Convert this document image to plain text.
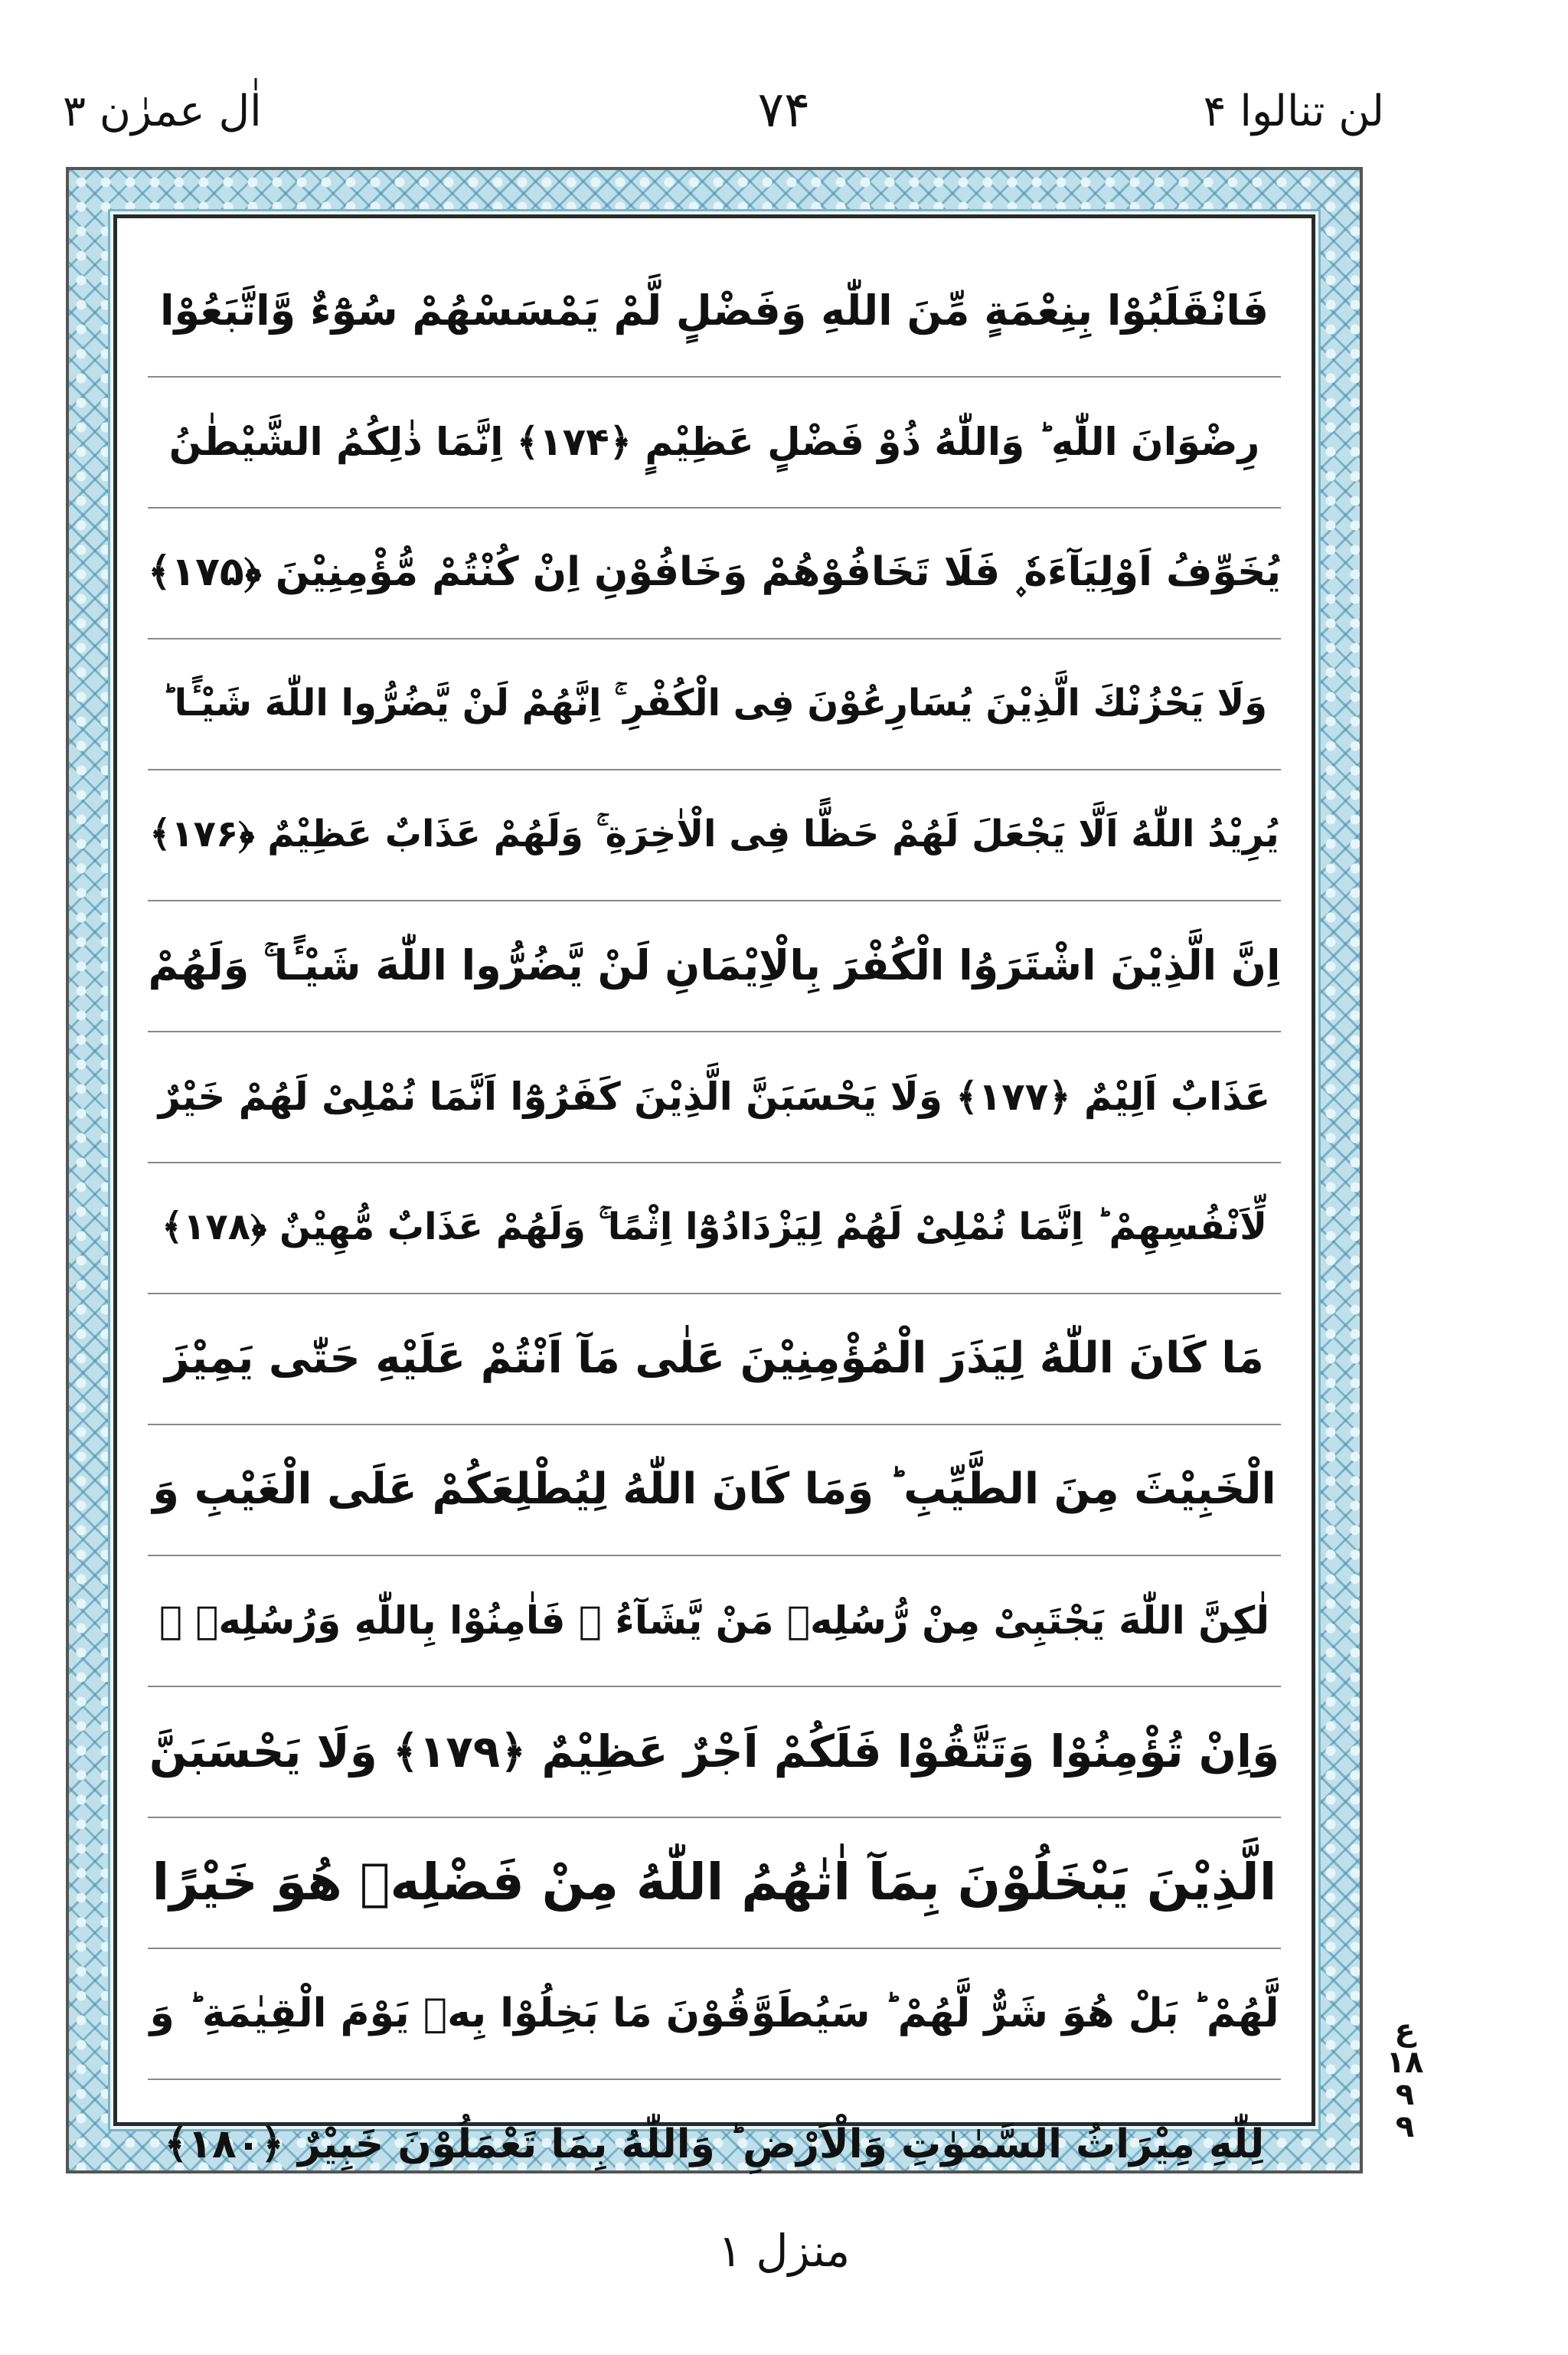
اٰل عمرٰن ۳	۷۴	لن تنالوا ۴
فَانْقَلَبُوْا بِنِعْمَةٍ مِّنَ اللّٰهِ وَفَضْلٍ لَّمْ يَمْسَسْهُمْ سُوْٓءٌ وَّاتَّبَعُوْا
رِضْوَانَ اللّٰهِ ؕ وَاللّٰهُ ذُوْ فَضْلٍ عَظِيْمٍ ﴿۱۷۴﴾ اِنَّمَا ذٰلِكُمُ الشَّيْطٰنُ
يُخَوِّفُ اَوْلِيَآءَهٗ ۪ فَلَا تَخَافُوْهُمْ وَخَافُوْنِ اِنْ كُنْتُمْ مُّؤْمِنِيْنَ ﴿۱۷۵﴾
وَلَا يَحْزُنْكَ الَّذِيْنَ يُسَارِعُوْنَ فِى الْكُفْرِ ۚ اِنَّهُمْ لَنْ يَّضُرُّوا اللّٰهَ شَيْـًٔا ؕ
يُرِيْدُ اللّٰهُ اَلَّا يَجْعَلَ لَهُمْ حَظًّا فِى الْاٰخِرَةِ ۚ وَلَهُمْ عَذَابٌ عَظِيْمٌ ﴿۱۷۶﴾
اِنَّ الَّذِيْنَ اشْتَرَوُا الْكُفْرَ بِالْاِيْمَانِ لَنْ يَّضُرُّوا اللّٰهَ شَيْـًٔا ۚ وَلَهُمْ
عَذَابٌ اَلِيْمٌ ﴿۱۷۷﴾ وَلَا يَحْسَبَنَّ الَّذِيْنَ كَفَرُوْٓا اَنَّمَا نُمْلِىْ لَهُمْ خَيْرٌ
لِّاَنْفُسِهِمْ ؕ اِنَّمَا نُمْلِىْ لَهُمْ لِيَزْدَادُوْٓا اِثْمًا ۚ وَلَهُمْ عَذَابٌ مُّهِيْنٌ ﴿۱۷۸﴾
مَا كَانَ اللّٰهُ لِيَذَرَ الْمُؤْمِنِيْنَ عَلٰى مَآ اَنْتُمْ عَلَيْهِ حَتّٰى يَمِيْزَ
الْخَبِيْثَ مِنَ الطَّيِّبِ ؕ وَمَا كَانَ اللّٰهُ لِيُطْلِعَكُمْ عَلَى الْغَيْبِ وَ
لٰكِنَّ اللّٰهَ يَجْتَبِىْ مِنْ رُّسُلِهٖ مَنْ يَّشَآءُ ۪ فَاٰمِنُوْا بِاللّٰهِ وَرُسُلِهٖ ۚ
وَاِنْ تُؤْمِنُوْا وَتَتَّقُوْا فَلَكُمْ اَجْرٌ عَظِيْمٌ ﴿۱۷۹﴾ وَلَا يَحْسَبَنَّ
الَّذِيْنَ يَبْخَلُوْنَ بِمَآ اٰتٰهُمُ اللّٰهُ مِنْ فَضْلِهٖ هُوَ خَيْرًا
لَّهُمْ ؕ بَلْ هُوَ شَرٌّ لَّهُمْ ؕ سَيُطَوَّقُوْنَ مَا بَخِلُوْا بِهٖ يَوْمَ الْقِيٰمَةِ ؕ وَ
لِلّٰهِ مِيْرَاثُ السَّمٰوٰتِ وَالْاَرْضِ ؕ وَاللّٰهُ بِمَا تَعْمَلُوْنَ خَبِيْرٌ ﴿۱۸۰﴾
ع
۱۸
۹
۹
منزل ۱
